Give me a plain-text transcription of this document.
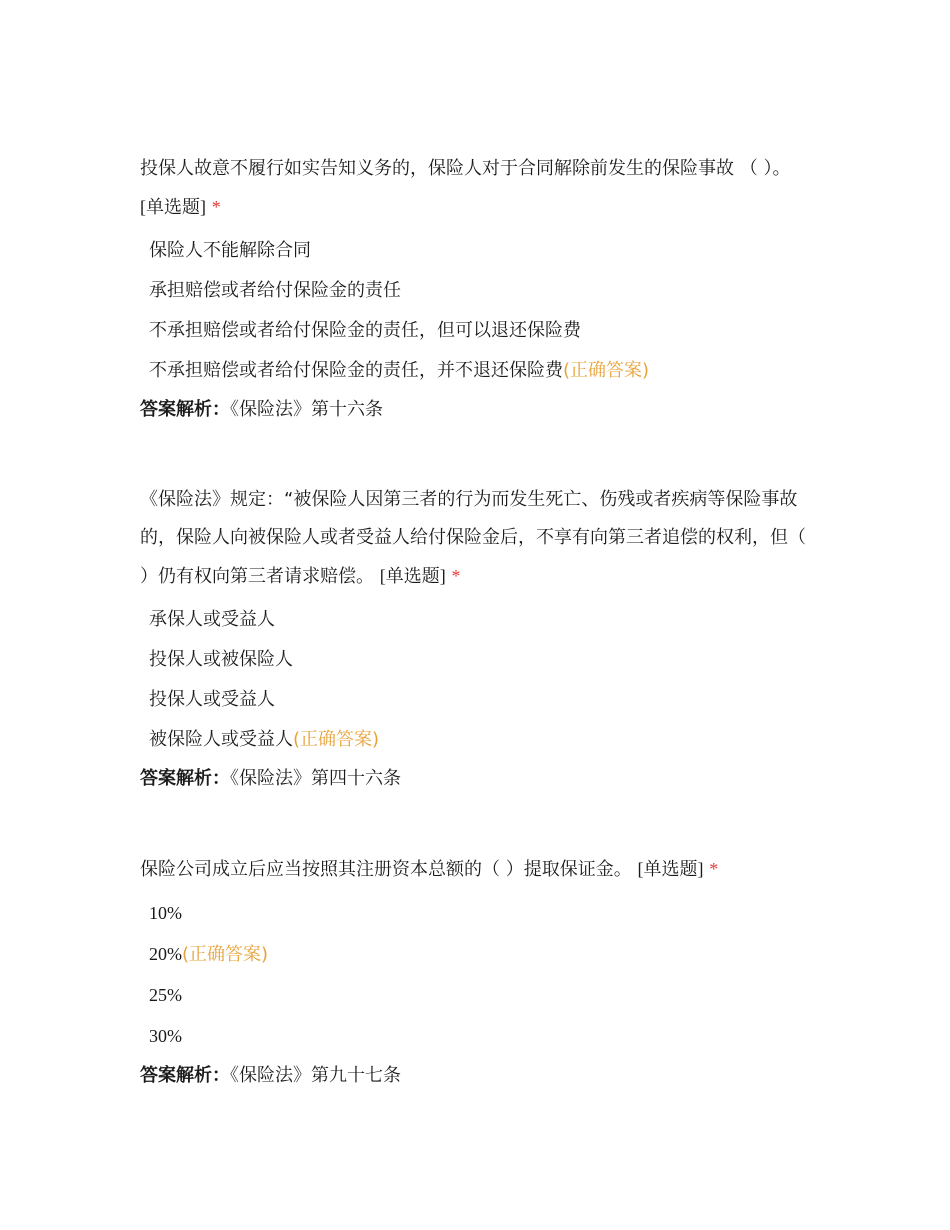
投保人故意不履行如实告知义务的，保险人对于合同解除前发生的保险事故 （ ）。 [单选题] *

保险人不能解除合同
承担赔偿或者给付保险金的责任
不承担赔偿或者给付保险金的责任，但可以退还保险费
不承担赔偿或者给付保险金的责任，并不退还保险费(正确答案)
答案解析：《保险法》第十六条

《保险法》规定：“被保险人因第三者的行为而发生死亡、伤残或者疾病等保险事故的，保险人向被保险人或者受益人给付保险金后，不享有向第三者追偿的权利，但（　　）仍有权向第三者请求赔偿。 [单选题] *

承保人或受益人
投保人或被保险人
投保人或受益人
被保险人或受益人(正确答案)
答案解析：《保险法》第四十六条

保险公司成立后应当按照其注册资本总额的（ ）提取保证金。 [单选题] *

10%
20%(正确答案)
25%
30%
答案解析：《保险法》第九十七条
